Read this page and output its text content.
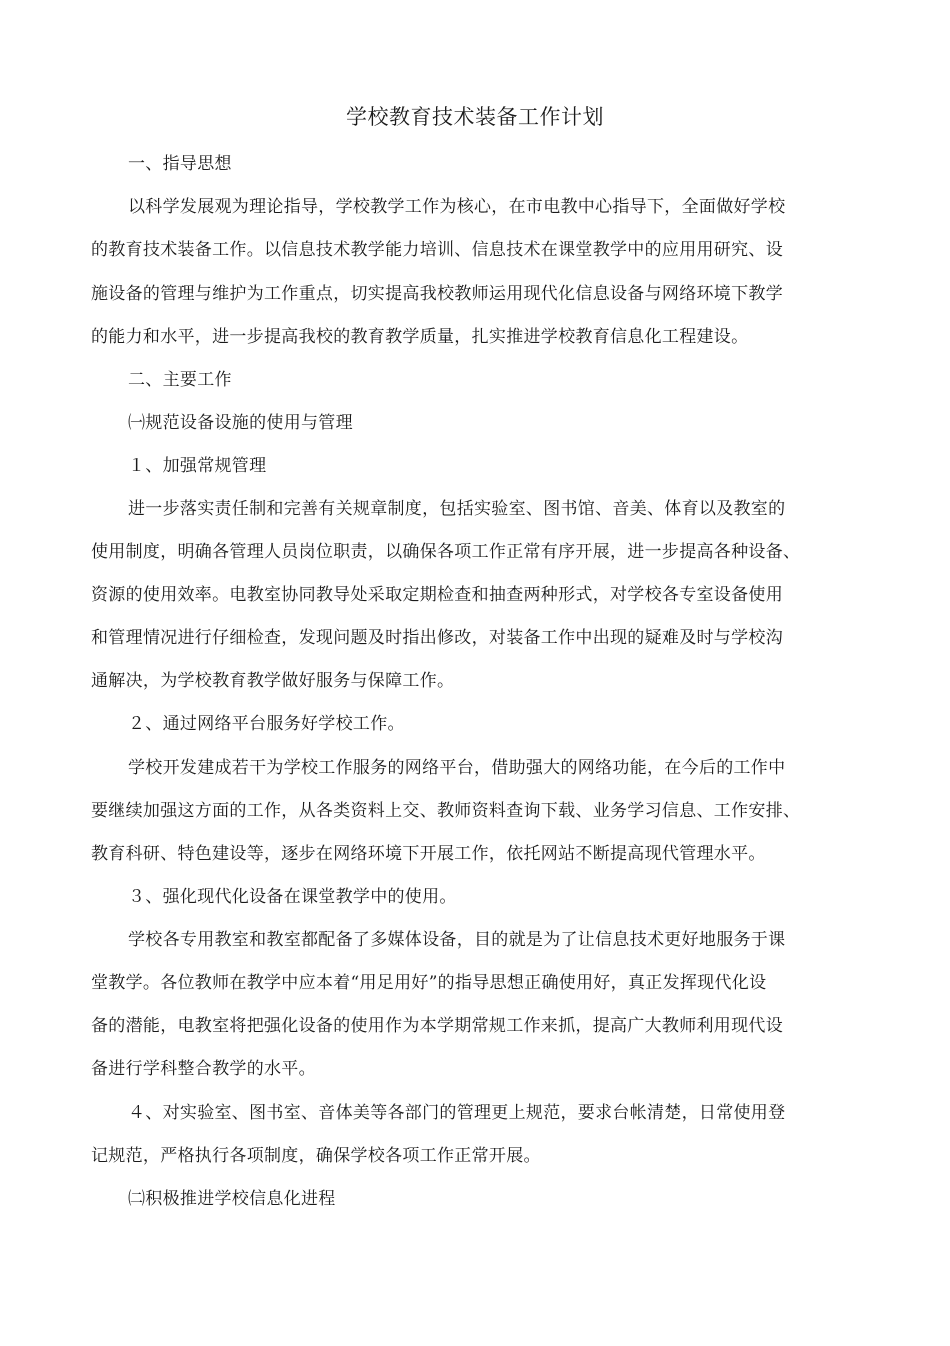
学校教育技术装备工作计划
一、指导思想
以科学发展观为理论指导，学校教学工作为核心，在市电教中心指导下，全面做好学校
的教育技术装备工作。以信息技术教学能力培训、信息技术在课堂教学中的应用用研究、设
施设备的管理与维护为工作重点，切实提高我校教师运用现代化信息设备与网络环境下教学
的能力和水平，进一步提高我校的教育教学质量，扎实推进学校教育信息化工程建设。
二、主要工作
㈠规范设备设施的使用与管理
１、加强常规管理
进一步落实责任制和完善有关规章制度，包括实验室、图书馆、音美、体育以及教室的
使用制度，明确各管理人员岗位职责，以确保各项工作正常有序开展，进一步提高各种设备、
资源的使用效率。电教室协同教导处采取定期检查和抽查两种形式，对学校各专室设备使用
和管理情况进行仔细检查，发现问题及时指出修改，对装备工作中出现的疑难及时与学校沟
通解决，为学校教育教学做好服务与保障工作。
２、通过网络平台服务好学校工作。
学校开发建成若干为学校工作服务的网络平台，借助强大的网络功能，在今后的工作中
要继续加强这方面的工作，从各类资料上交、教师资料查询下载、业务学习信息、工作安排、
教育科研、特色建设等，逐步在网络环境下开展工作，依托网站不断提高现代管理水平。
３、强化现代化设备在课堂教学中的使用。
学校各专用教室和教室都配备了多媒体设备，目的就是为了让信息技术更好地服务于课
堂教学。各位教师在教学中应本着“用足用好”的指导思想正确使用好，真正发挥现代化设
备的潜能，电教室将把强化设备的使用作为本学期常规工作来抓，提高广大教师利用现代设
备进行学科整合教学的水平。
４、对实验室、图书室、音体美等各部门的管理更上规范，要求台帐清楚，日常使用登
记规范，严格执行各项制度，确保学校各项工作正常开展。
㈡积极推进学校信息化进程
